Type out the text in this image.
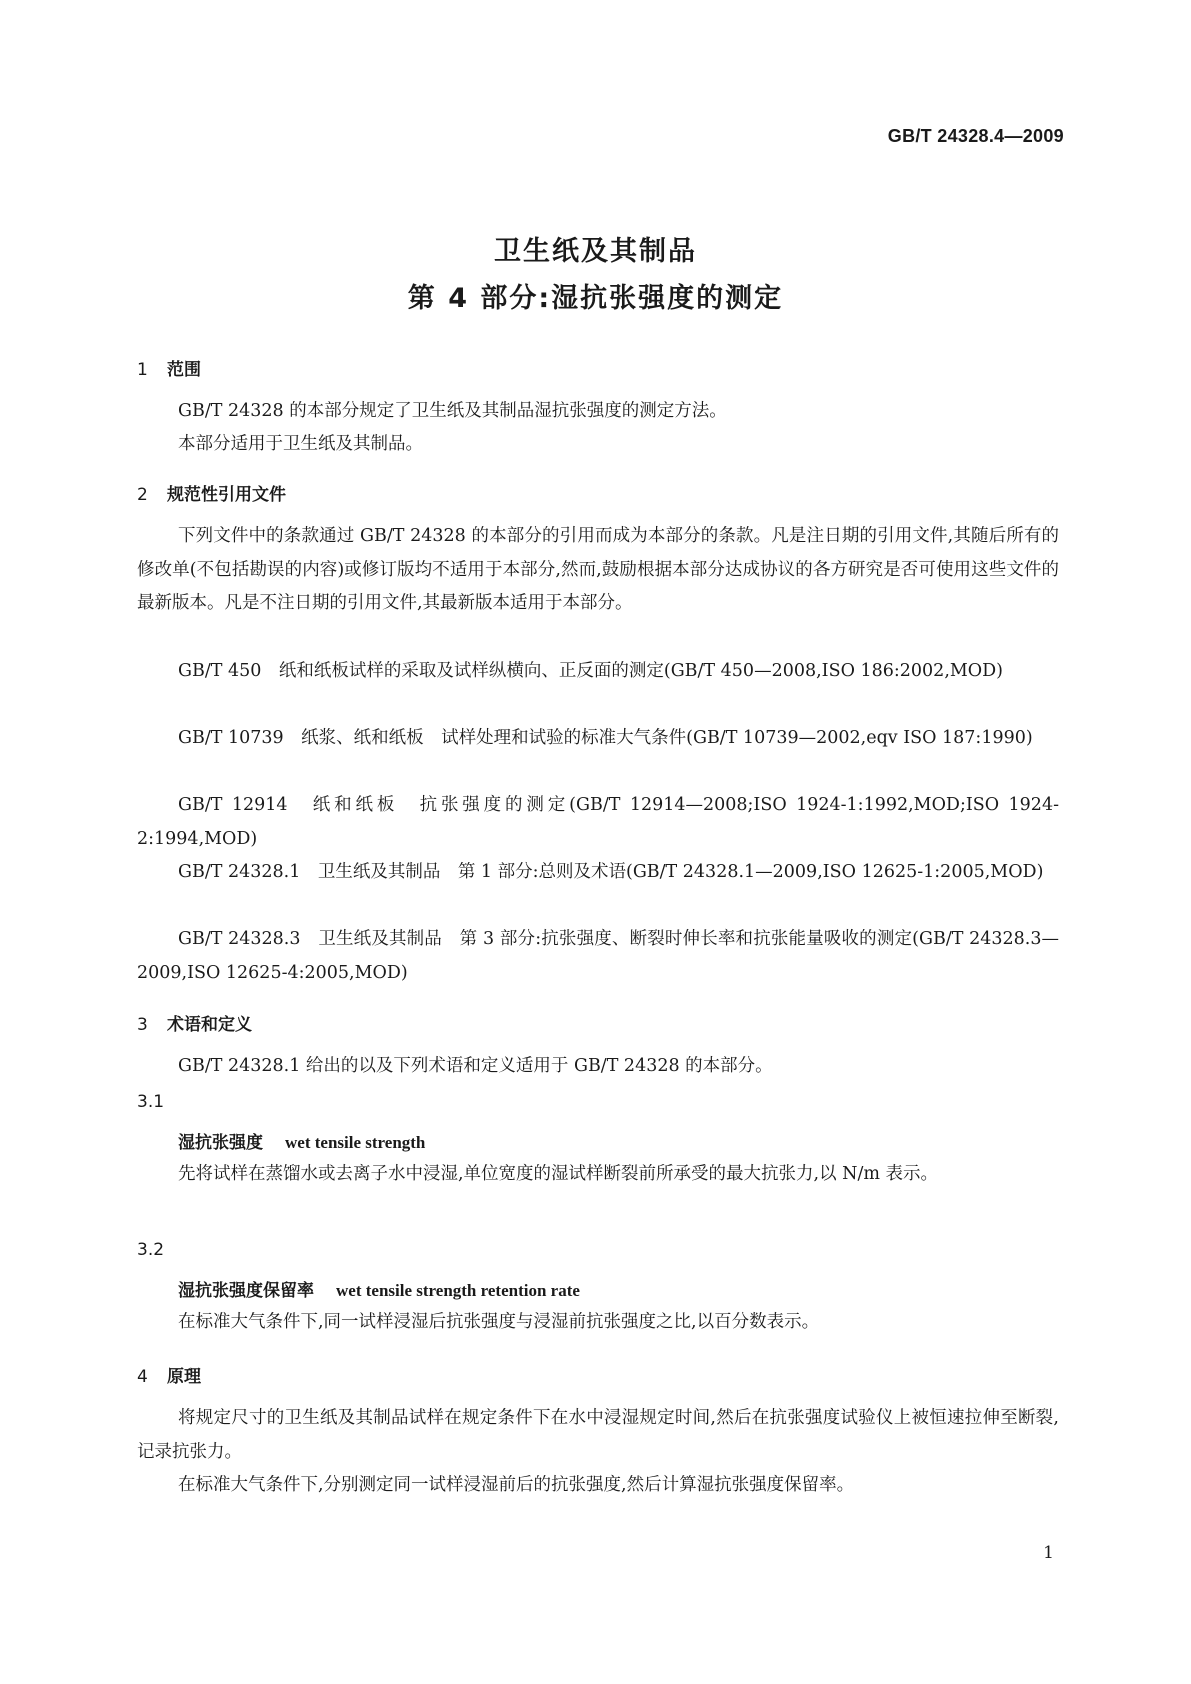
GB/T 24328.4—2009
卫生纸及其制品
第 4 部分:湿抗张强度的测定
1 范围

GB/T 24328 的本部分规定了卫生纸及其制品湿抗张强度的测定方法。

本部分适用于卫生纸及其制品。

2 规范性引用文件

下列文件中的条款通过 GB/T 24328 的本部分的引用而成为本部分的条款。凡是注日期的引用文件,其随后所有的修改单(不包括勘误的内容)或修订版均不适用于本部分,然而,鼓励根据本部分达成协议的各方研究是否可使用这些文件的最新版本。凡是不注日期的引用文件,其最新版本适用于本部分。

GB/T 450　纸和纸板试样的采取及试样纵横向、正反面的测定(GB/T 450—2008,ISO 186:2002,MOD)

GB/T 10739　纸浆、纸和纸板　试样处理和试验的标准大气条件(GB/T 10739—2002,eqv ISO 187:1990)

GB/T 12914　纸和纸板　抗张强度的测定(GB/T 12914—2008;ISO 1924-1:1992,MOD;ISO 1924-2:1994,MOD)

GB/T 24328.1　卫生纸及其制品　第 1 部分:总则及术语(GB/T 24328.1—2009,ISO 12625-1:2005,MOD)

GB/T 24328.3　卫生纸及其制品　第 3 部分:抗张强度、断裂时伸长率和抗张能量吸收的测定(GB/T 24328.3—2009,ISO 12625-4:2005,MOD)

3 术语和定义

GB/T 24328.1 给出的以及下列术语和定义适用于 GB/T 24328 的本部分。

3.1
湿抗张强度 wet tensile strength

先将试样在蒸馏水或去离子水中浸湿,单位宽度的湿试样断裂前所承受的最大抗张力,以 N/m 表示。

3.2
湿抗张强度保留率 wet tensile strength retention rate

在标准大气条件下,同一试样浸湿后抗张强度与浸湿前抗张强度之比,以百分数表示。

4 原理

将规定尺寸的卫生纸及其制品试样在规定条件下在水中浸湿规定时间,然后在抗张强度试验仪上被恒速拉伸至断裂,记录抗张力。

在标准大气条件下,分别测定同一试样浸湿前后的抗张强度,然后计算湿抗张强度保留率。

1
